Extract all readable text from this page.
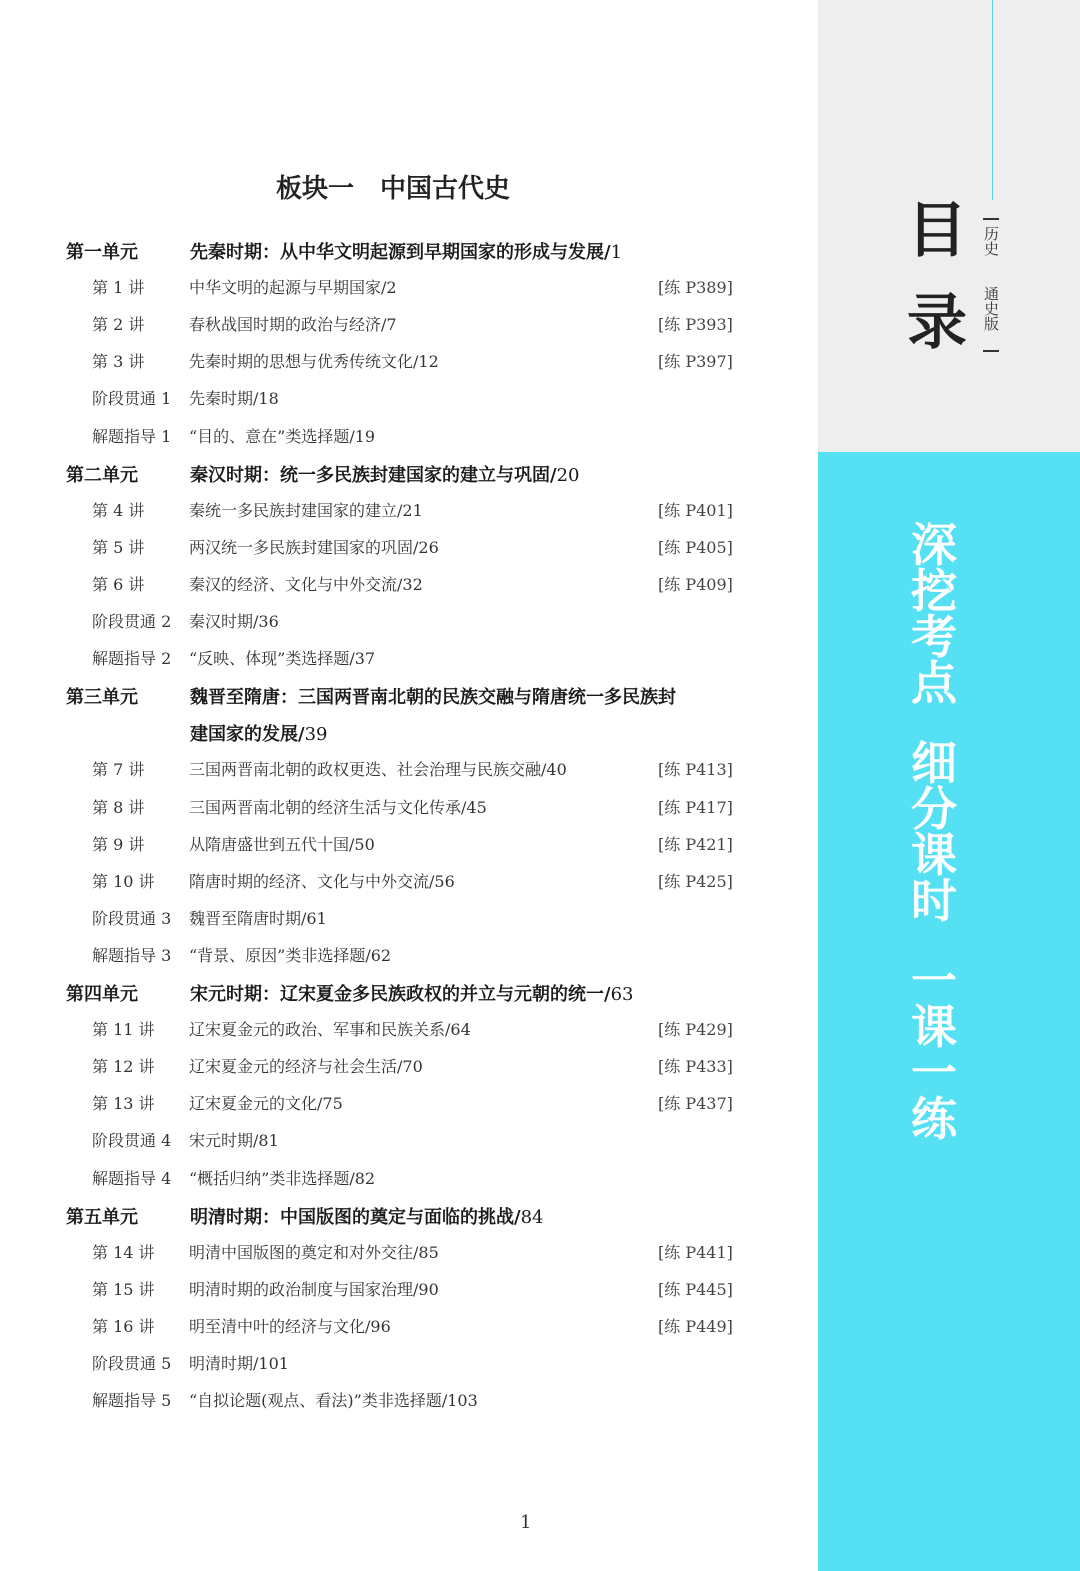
目
录
历史
通史版
深
挖
考
点
细
分
课
时
一
课
一
练
板块一　中国古代史
第一单元	先秦时期：从中华文明起源到早期国家的形成与发展/1
第 1 讲	中华文明的起源与早期国家/2	[练 P389]
第 2 讲	春秋战国时期的政治与经济/7	[练 P393]
第 3 讲	先秦时期的思想与优秀传统文化/12	[练 P397]
阶段贯通 1 先秦时期/18
解题指导 1 “目的、意在”类选择题/19
第二单元	秦汉时期：统一多民族封建国家的建立与巩固/20
第 4 讲	秦统一多民族封建国家的建立/21	[练 P401]
第 5 讲	两汉统一多民族封建国家的巩固/26	[练 P405]
第 6 讲	秦汉的经济、文化与中外交流/32	[练 P409]
阶段贯通 2 秦汉时期/36
解题指导 2 “反映、体现”类选择题/37
第三单元	魏晋至隋唐：三国两晋南北朝的民族交融与隋唐统一多民族封
建国家的发展/39
第 7 讲	三国两晋南北朝的政权更迭、社会治理与民族交融/40	[练 P413]
第 8 讲	三国两晋南北朝的经济生活与文化传承/45	[练 P417]
第 9 讲	从隋唐盛世到五代十国/50	[练 P421]
第 10 讲 隋唐时期的经济、文化与中外交流/56	[练 P425]
阶段贯通 3 魏晋至隋唐时期/61
解题指导 3 “背景、原因”类非选择题/62
第四单元	宋元时期：辽宋夏金多民族政权的并立与元朝的统一/63
第 11 讲 辽宋夏金元的政治、军事和民族关系/64	[练 P429]
第 12 讲 辽宋夏金元的经济与社会生活/70	[练 P433]
第 13 讲 辽宋夏金元的文化/75	[练 P437]
阶段贯通 4 宋元时期/81
解题指导 4 “概括归纳”类非选择题/82
第五单元	明清时期：中国版图的奠定与面临的挑战/84
第 14 讲 明清中国版图的奠定和对外交往/85	[练 P441]
第 15 讲 明清时期的政治制度与国家治理/90	[练 P445]
第 16 讲 明至清中叶的经济与文化/96	[练 P449]
阶段贯通 5 明清时期/101
解题指导 5 “自拟论题(观点、看法)”类非选择题/103
1
